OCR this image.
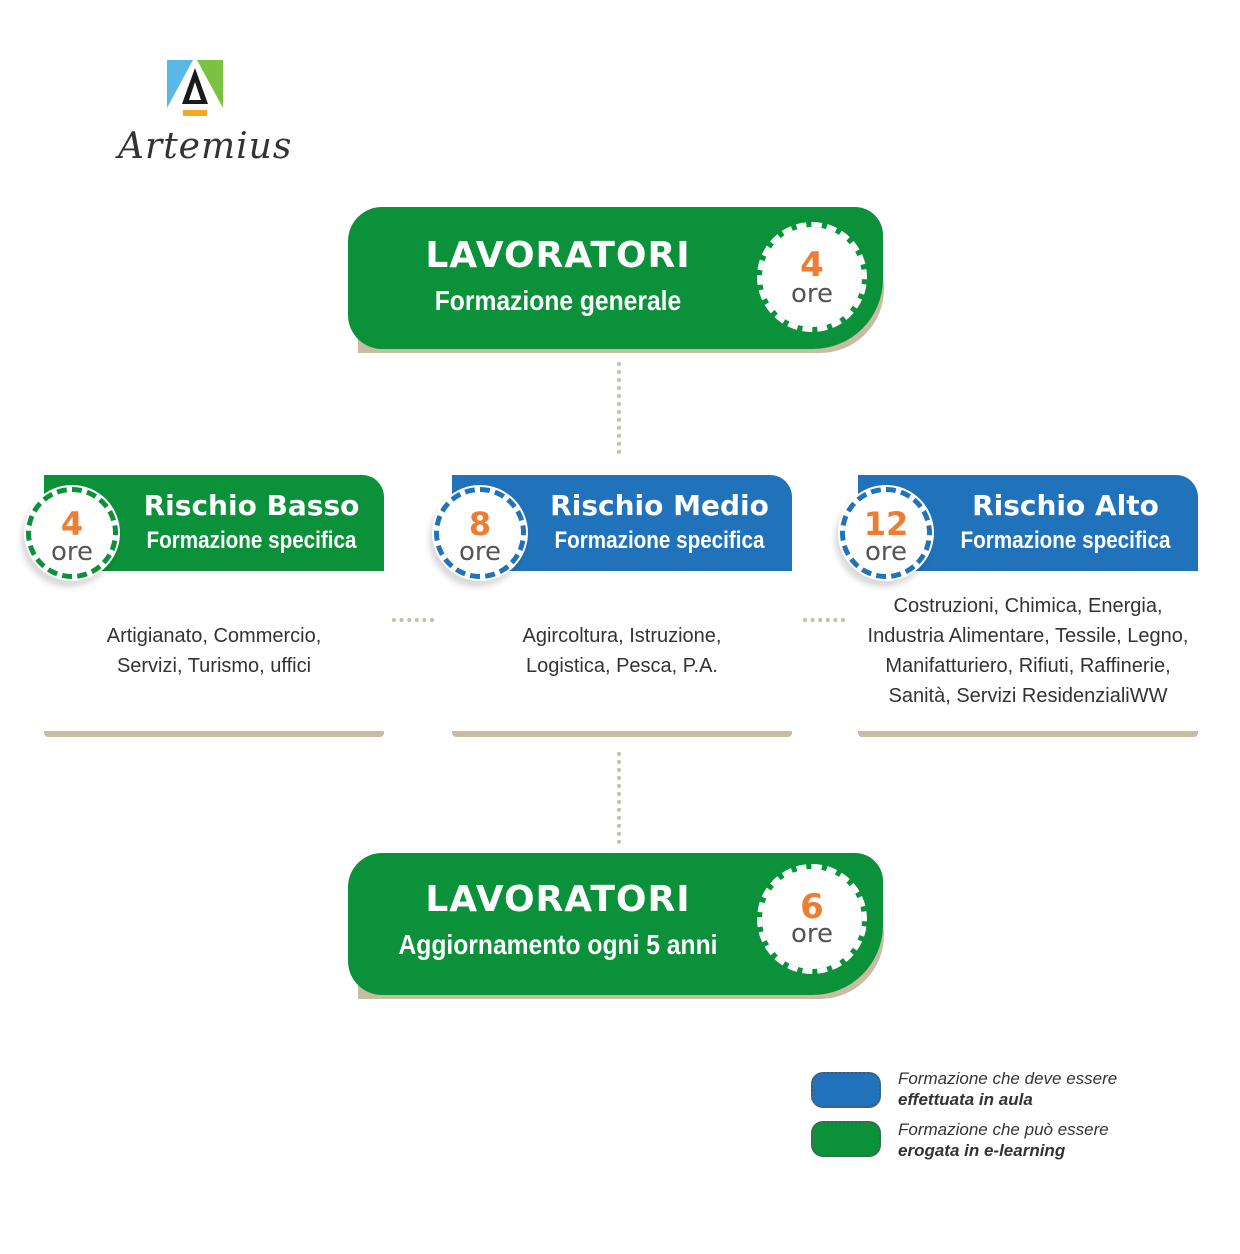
Artemius
LAVORATORI
Formazione generale
4
ore
Rischio Basso
Formazione specifica
4
ore
Artigianato, Commercio,
Servizi, Turismo, uffici
Rischio Medio
Formazione specifica
8
ore
Agircoltura, Istruzione,
Logistica, Pesca, P.A.
Rischio Alto
Formazione specifica
12
ore
Costruzioni, Chimica, Energia,
Industria Alimentare, Tessile, Legno,
Manifatturiero, Rifiuti, Raffinerie,
Sanità, Servizi ResidenzialiWW
LAVORATORI
Aggiornamento ogni 5 anni
6
ore
Formazione che deve essere
effettuata in aula
Formazione che può essere
erogata in e-learning
